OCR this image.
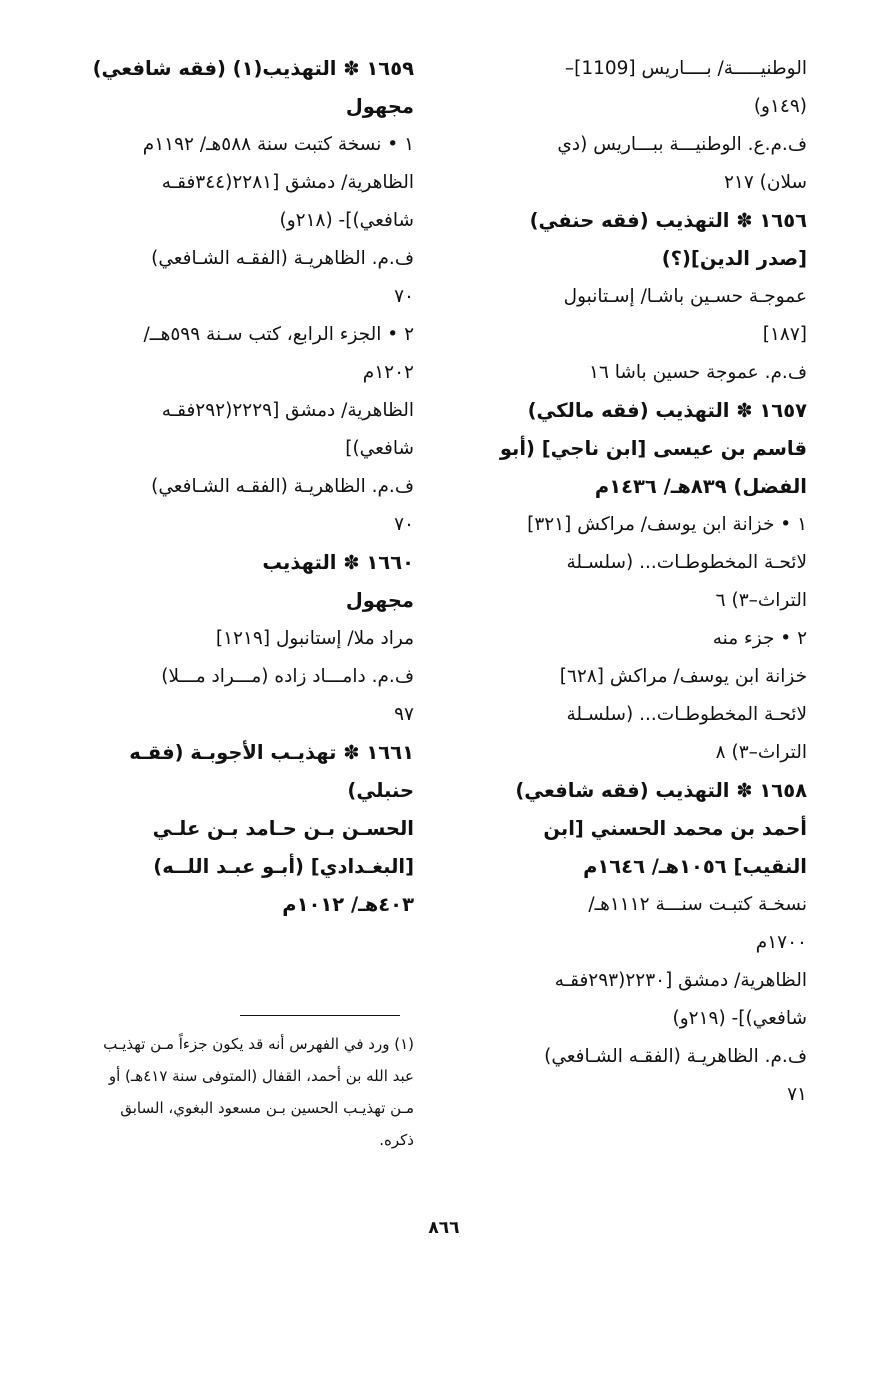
الوطنيـــــة/ بــــاريس [1109]–
(١٤٩و)
ف.م.ع. الوطنيـــة ببـــاريس (دي
سلان) ٢١٧
١٦٥٦ ✽ التهذيب (فقه حنفي)
[صدر الدين](؟)
عموجـة حسـين باشـا/ إسـتانبول
[١٨٧]
ف.م. عموجة حسين باشا ١٦
١٦٥٧ ✽ التهذيب (فقه مالكي)
قاسم بن عيسى [ابن ناجي] (أبو
الفضل) ٨٣٩هـ/ ١٤٣٦م
١ • خزانة ابن يوسف/ مراكش [٣٢١]
لائحـة المخطوطـات... (سلسـلة
التراث–٣) ٦
٢ • جزء منه
خزانة ابن يوسف/ مراكش [٦٢٨]
لائحـة المخطوطـات... (سلسـلة
التراث–٣) ٨
١٦٥٨ ✽ التهذيب (فقه شافعي)
أحمد بن محمد الحسني [ابن
النقيب] ١٠٥٦هـ/ ١٦٤٦م
نسخـة كتبـت سنـــة ١١١٢هـ/
١٧٠٠م
الظاهرية/ دمشق [٢٢٣٠(٢٩٣فقـه
شافعي)]- (٢١٩و)
ف.م. الظاهريـة (الفقـه الشـافعي)
٧١
١٦٥٩ ✽ التهذيب(١) (فقه شافعي)
مجهول
١ • نسخة كتبت سنة ٥٨٨هـ/ ١١٩٢م
الظاهرية/ دمشق [٢٢٨١(٣٤٤فقـه
شافعي)]- (٢١٨و)
ف.م. الظاهريـة (الفقـه الشـافعي)
٧٠
٢ • الجزء الرابع، كتب سـنة ٥٩٩هــ/
١٢٠٢م
الظاهرية/ دمشق [٢٢٢٩(٢٩٢فقـه
شافعي)]
ف.م. الظاهريـة (الفقـه الشـافعي)
٧٠
١٦٦٠ ✽ التهذيب
مجهول
مراد ملا/ إستانبول [١٢١٩]
ف.م. دامـــاد زاده (مـــراد مـــلا)
٩٧
١٦٦١ ✽ تهذيـب الأجوبـة (فقـه
حنبلي)
الحسـن بـن حـامد بـن علـي
[البغـدادي] (أبـو عبـد اللــه)
٤٠٣هـ/ ١٠١٢م
(١) ورد في الفهرس أنه قد يكون جزءاً مـن تهذيـب
عبد الله بن أحمد، القفال (المتوفى سنة ٤١٧هـ) أو
مـن تهذيـب الحسين بـن مسعود البغوي، السابق
ذكره.
٨٦٦
